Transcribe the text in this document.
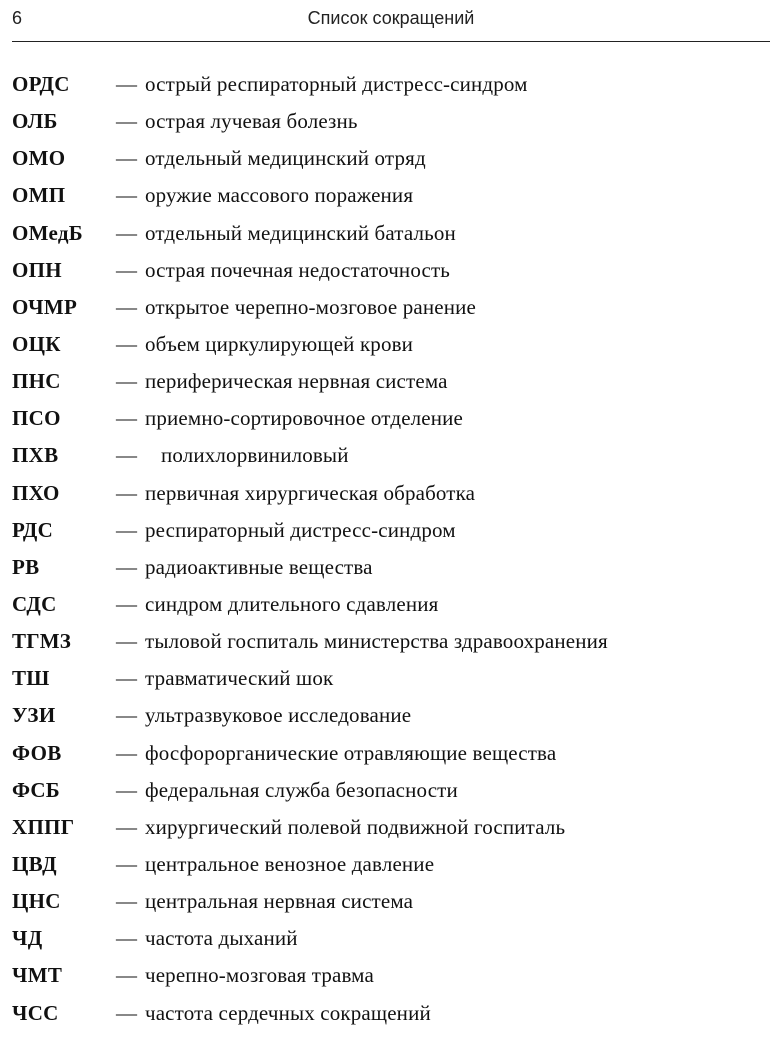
6	Список сокращений
ОРДС — острый респираторный дистресс-синдром
ОЛБ	— острая лучевая болезнь
ОМО — отдельный медицинский отряд
ОМП — оружие массового поражения
ОМедБ — отдельный медицинский батальон
ОПН	— острая почечная недостаточность
ОЧМР — открытое черепно-мозговое ранение
ОЦК	— объем циркулирующей крови
ПНС	— периферическая нервная система
ПСО	— приемно-сортировочное отделение
ПХВ	— полихлорвиниловый
ПХО	— первичная хирургическая обработка
РДС	— респираторный дистресс-синдром
РВ	— радиоактивные вещества
СДС	— синдром длительного сдавления
ТГМЗ — тыловой госпиталь министерства здравоохранения
ТШ	— травматический шок
УЗИ	— ультразвуковое исследование
ФОВ	— фосфорорганические отравляющие вещества
ФСБ	— федеральная служба безопасности
ХППГ — хирургический полевой подвижной госпиталь
ЦВД	— центральное венозное давление
ЦНС	— центральная нервная система
ЧД	— частота дыханий
ЧМТ	— черепно-мозговая травма
ЧСС	— частота сердечных сокращений
